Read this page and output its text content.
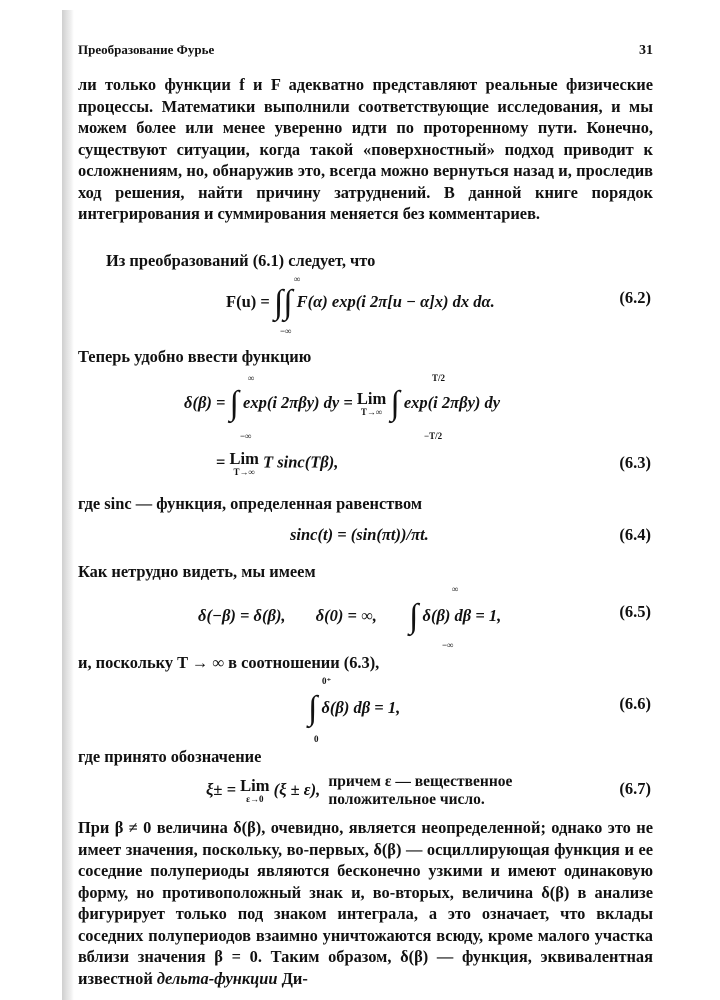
Преобразование Фурье	31

ли только функции f и F адекватно представляют реальные физические процессы. Математики выполнили соответствующие исследования, и мы можем более или менее уверенно идти по проторенному пути. Конечно, существуют ситуации, когда такой «поверхностный» подход приводит к осложнениям, но, обнаружив это, всегда можно вернуться назад и, проследив ход решения, найти причину затруднений. В данной книге порядок интегрирования и суммирования меняется без комментариев.

Из преобразований (6.1) следует, что

F(u) = ∫∫ F(α) exp(i 2π[u − α]x) dx dα.
∞
−∞
(6.2)

Теперь удобно ввести функцию

δ(β) = ∫ exp(i 2πβy) dy = Lim
T→∞ ∫ exp(i 2πβy) dy
∞
−∞
T/2
−T/2
= Lim
T→∞ T sinc(Tβ),	(6.3)

где sinc — функция, определенная равенством

sinc(t) = (sin(πt))/πt.	(6.4)

Как нетрудно видеть, мы имеем

δ(−β) = δ(β), δ(0) = ∞, ∫ δ(β) dβ = 1,
∞
−∞
(6.5)

и, поскольку T → ∞ в соотношении (6.3),

∫ δ(β) dβ = 1,
0⁺
0
(6.6)

где принято обозначение

ξ± = Lim
ε→0 (ξ ± ε), причем ε — вещественное
положительное число.
(6.7)

При β ≠ 0 величина δ(β), очевидно, является неопределенной; однако это не имеет значения, поскольку, во-первых, δ(β) — осциллирующая функция и ее соседние полупериоды являются бесконечно узкими и имеют одинаковую форму, но противоположный знак и, во-вторых, величина δ(β) в анализе фигурирует только под знаком интеграла, а это означает, что вклады соседних полупериодов взаимно уничтожаются всюду, кроме малого участка вблизи значения β = 0. Таким образом, δ(β) — функция, эквивалентная известной дельта-функции Ди-
